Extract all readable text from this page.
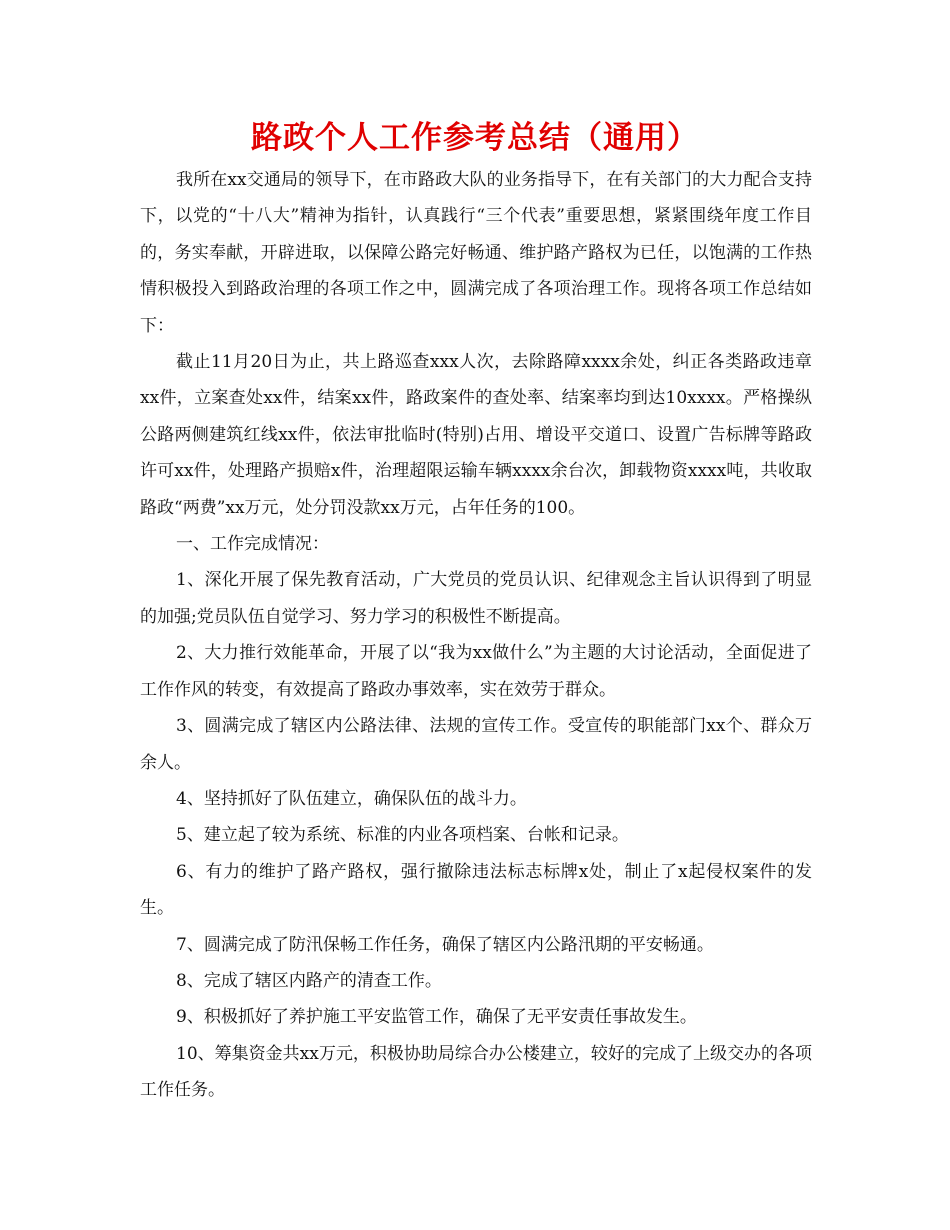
路政个人工作参考总结（通用）

我所在xx交通局的领导下，在市路政大队的业务指导下，在有关部门的大力配合支持下，以党的“十八大”精神为指针，认真践行“三个代表”重要思想，紧紧围绕年度工作目的，务实奉献，开辟进取，以保障公路完好畅通、维护路产路权为已任，以饱满的工作热情积极投入到路政治理的各项工作之中，圆满完成了各项治理工作。现将各项工作总结如下：

截止11月20日为止，共上路巡查xxx人次，去除路障xxxx余处，纠正各类路政违章xx件，立案查处xx件，结案xx件，路政案件的查处率、结案率均到达10xxxx。严格操纵公路两侧建筑红线xx件，依法审批临时(特别)占用、增设平交道口、设置广告标牌等路政许可xx件，处理路产损赔x件，治理超限运输车辆xxxx余台次，卸载物资xxxx吨，共收取路政“两费”xx万元，处分罚没款xx万元，占年任务的100。

一、工作完成情况：

1、深化开展了保先教育活动，广大党员的党员认识、纪律观念主旨认识得到了明显的加强;党员队伍自觉学习、努力学习的积极性不断提高。

2、大力推行效能革命，开展了以“我为xx做什么”为主题的大讨论活动，全面促进了工作作风的转变，有效提高了路政办事效率，实在效劳于群众。

3、圆满完成了辖区内公路法律、法规的宣传工作。受宣传的职能部门xx个、群众万余人。

4、坚持抓好了队伍建立，确保队伍的战斗力。

5、建立起了较为系统、标准的内业各项档案、台帐和记录。

6、有力的维护了路产路权，强行撤除违法标志标牌x处，制止了x起侵权案件的发生。

7、圆满完成了防汛保畅工作任务，确保了辖区内公路汛期的平安畅通。

8、完成了辖区内路产的清查工作。

9、积极抓好了养护施工平安监管工作，确保了无平安责任事故发生。

10、筹集资金共xx万元，积极协助局综合办公楼建立，较好的完成了上级交办的各项工作任务。
